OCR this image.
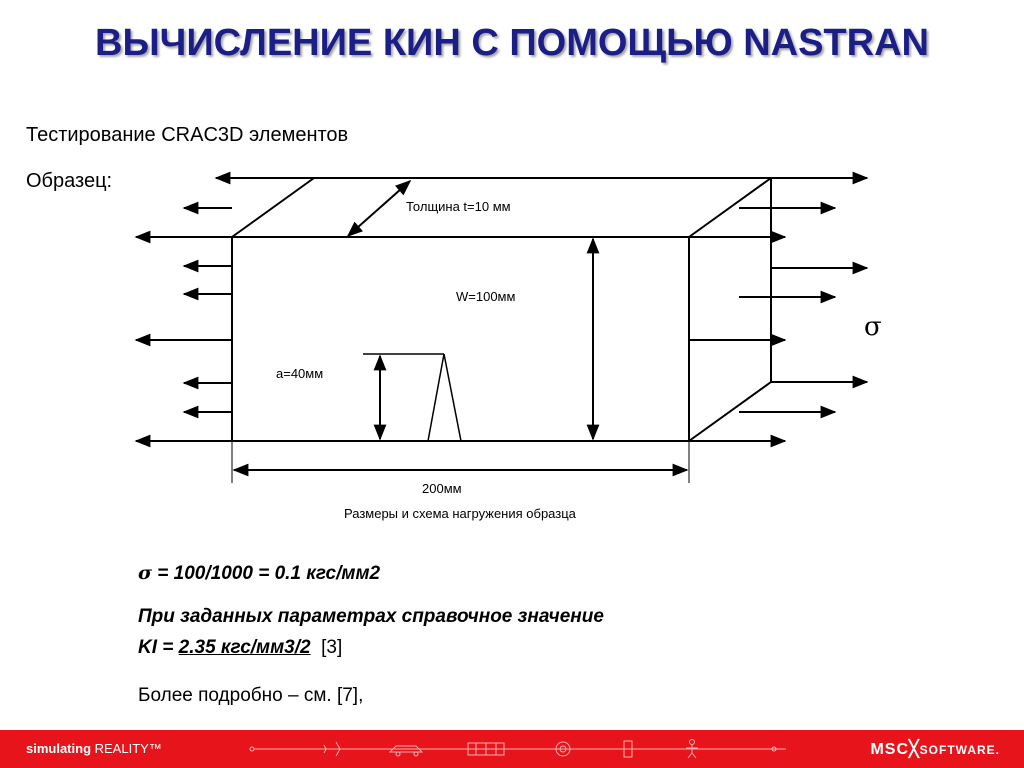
ВЫЧИСЛЕНИЕ КИН С ПОМОЩЬЮ NASTRAN
Тестирование CRAC3D элементов
Образец:
Толщина t=10 мм
W=100мм
a=40мм
200мм
Размеры и схема нагружения образца
σ
σ = 100/1000 = 0.1 кгс/мм2
При заданных параметрах справочное значение
KI = 2.35 кгс/мм3/2 [3]
Более подробно – см. [7],
simulating REALITY™	MSC╳SOFTWARE.
